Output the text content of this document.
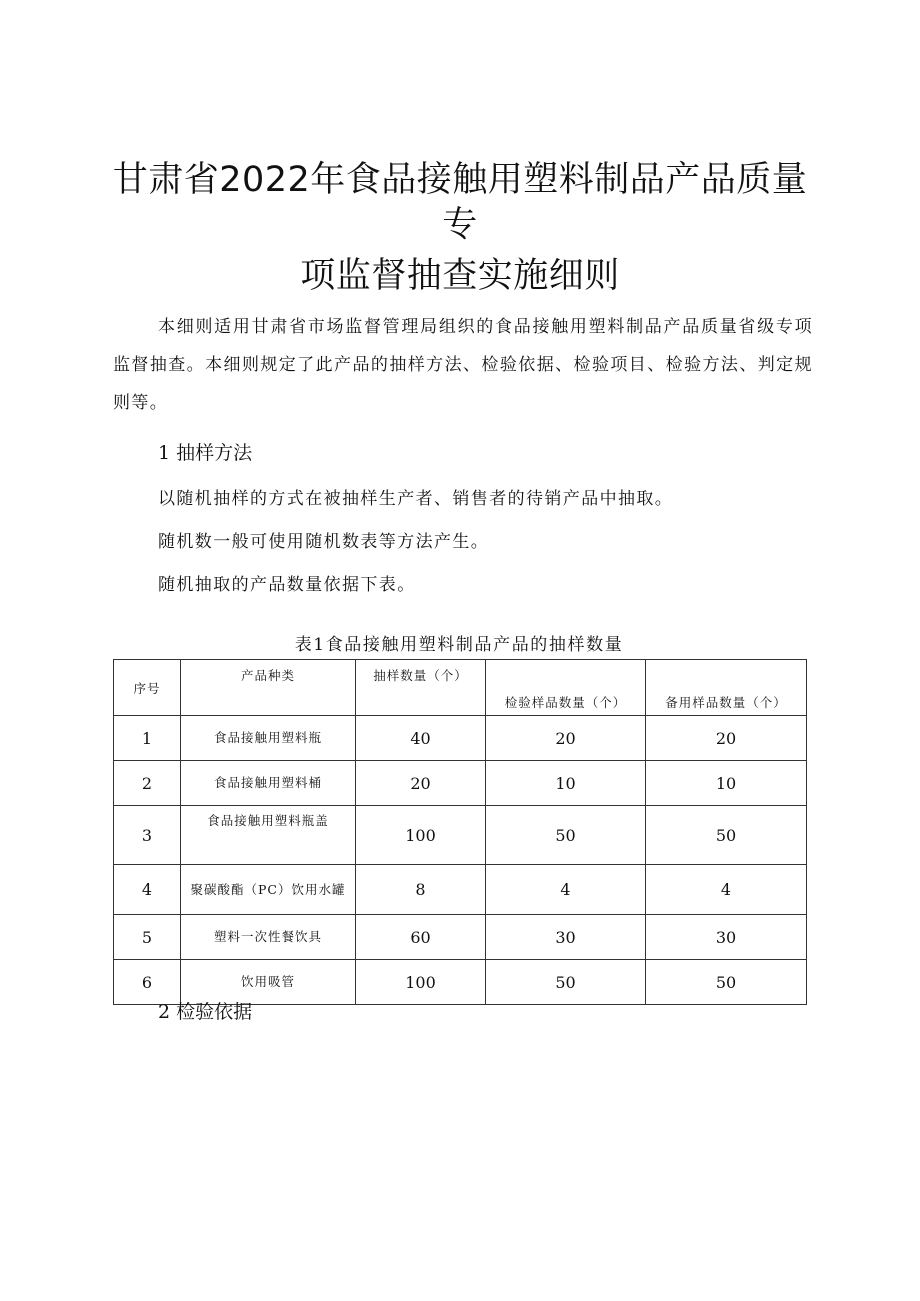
甘肃省2022年食品接触用塑料制品产品质量
专
项监督抽查实施细则

本细则适用甘肃省市场监督管理局组织的食品接触用塑料制品产品质量省级专项监督抽查。本细则规定了此产品的抽样方法、检验依据、检验项目、检验方法、判定规则等。

1 抽样方法
以随机抽样的方式在被抽样生产者、销售者的待销产品中抽取。
随机数一般可使用随机数表等方法产生。
随机抽取的产品数量依据下表。
表1食品接触用塑料制品产品的抽样数量
序号	产品种类	抽样数量（个）	检验样品数量（个）	备用样品数量（个）
1	食品接触用塑料瓶	40	20	20
2	食品接触用塑料桶	20	10	10
3	食品接触用塑料瓶盖	100	50	50
4	聚碳酸酯（PC）饮用水罐	8	4	4
5	塑料一次性餐饮具	60	30	30
6	饮用吸管	100	50	50
2 检验依据
